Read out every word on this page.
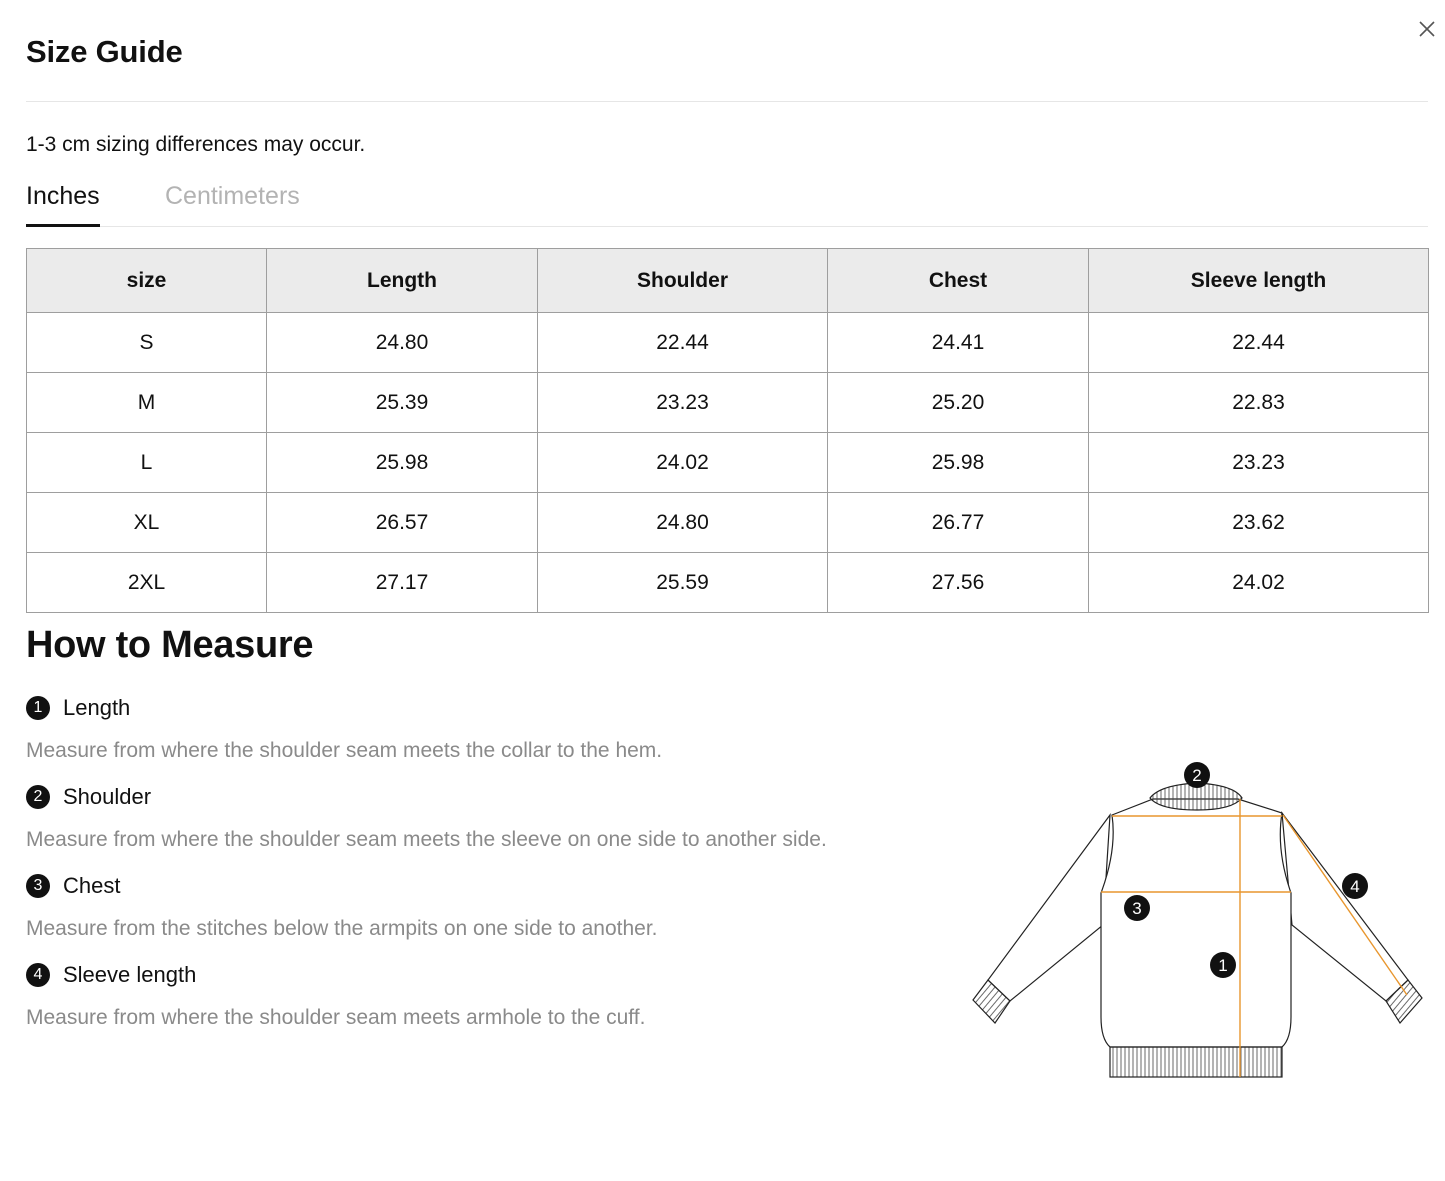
Size Guide
1-3 cm sizing differences may occur.
Inches	Centimeters
size	Length	Shoulder	Chest	Sleeve length
S	24.80	22.44	24.41	22.44
M	25.39	23.23	25.20	22.83
L	25.98	24.02	25.98	23.23
XL	26.57	24.80	26.77	23.62
2XL	27.17	25.59	27.56	24.02
How to Measure
1 Length
Measure from where the shoulder seam meets the collar to the hem.
2 Shoulder
Measure from where the shoulder seam meets the sleeve on one side to another side.
3 Chest
Measure from the stitches below the armpits on one side to another.
4 Sleeve length
Measure from where the shoulder seam meets armhole to the cuff.
1
2
3
4
